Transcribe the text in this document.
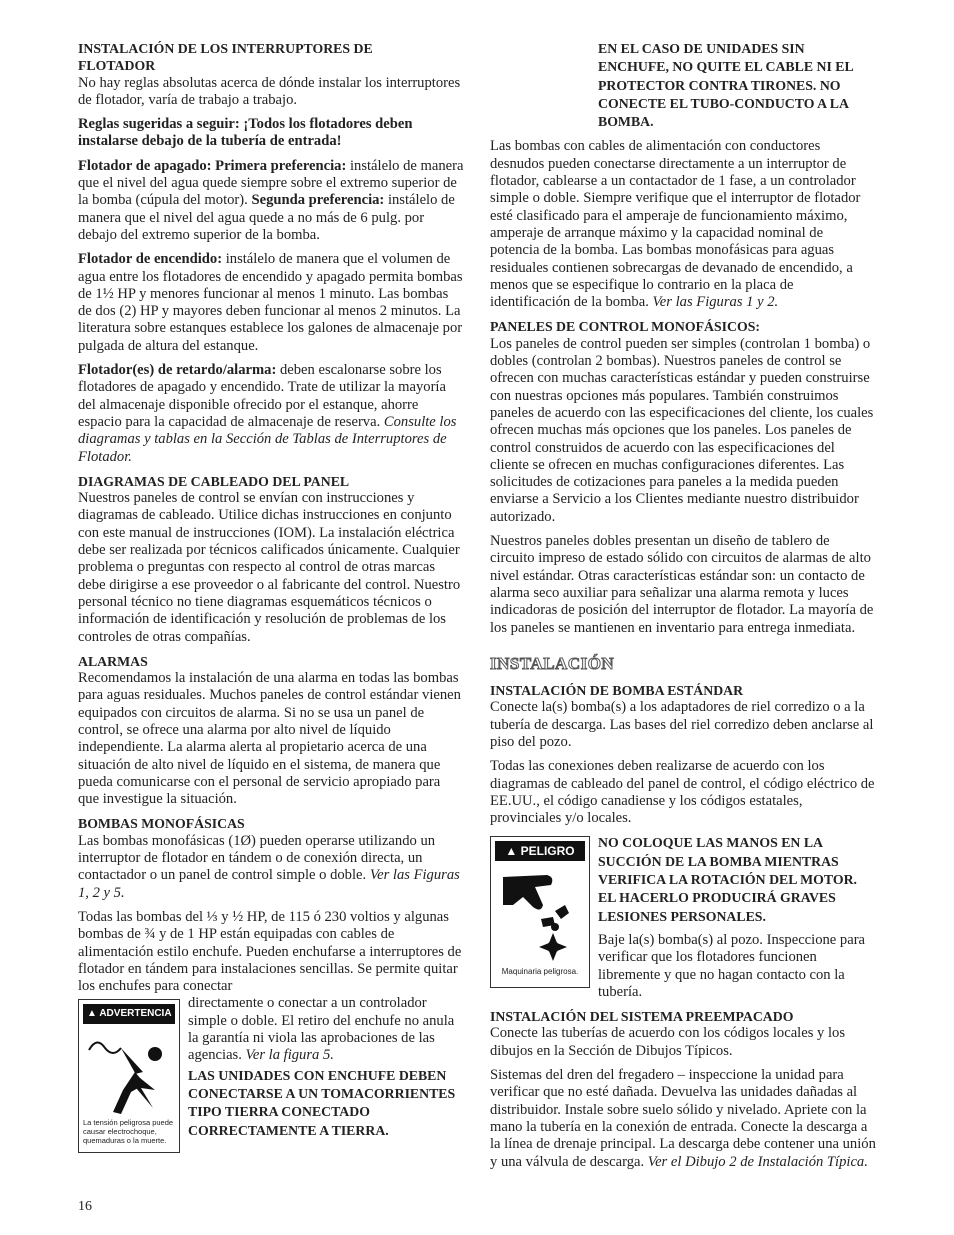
INSTALACIÓN DE LOS INTERRUPTORES DE FLOTADOR
No hay reglas absolutas acerca de dónde instalar los interruptores de flotador, varía de trabajo a trabajo.

Reglas sugeridas a seguir: ¡Todos los flotadores deben instalarse debajo de la tubería de entrada!

Flotador de apagado: Primera preferencia: instálelo de manera que el nivel del agua quede siempre sobre el extremo superior de la bomba (cúpula del motor). Segunda preferencia: instálelo de manera que el nivel del agua quede a no más de 6 pulg. por debajo del extremo superior de la bomba.

Flotador de encendido: instálelo de manera que el volumen de agua entre los flotadores de encendido y apagado permita bombas de 1½ HP y menores funcionar al menos 1 minuto. Las bombas de dos (2) HP y mayores deben funcionar al menos 2 minutos. La literatura sobre estanques establece los galones de almacenaje por pulgada de altura del estanque.

Flotador(es) de retardo/alarma: deben escalonarse sobre los flotadores de apagado y encendido. Trate de utilizar la mayoría del almacenaje disponible ofrecido por el estanque, ahorre espacio para la capacidad de almacenaje de reserva. Consulte los diagramas y tablas en la Sección de Tablas de Interruptores de Flotador.

DIAGRAMAS DE CABLEADO DEL PANEL
Nuestros paneles de control se envían con instrucciones y diagramas de cableado. Utilice dichas instrucciones en conjunto con este manual de instrucciones (IOM). La instalación eléctrica debe ser realizada por técnicos calificados únicamente. Cualquier problema o preguntas con respecto al control de otras marcas debe dirigirse a ese proveedor o al fabricante del control. Nuestro personal técnico no tiene diagramas esquemáticos técnicos o información de identificación y resolución de problemas de los controles de otras compañías.

ALARMAS
Recomendamos la instalación de una alarma en todas las bombas para aguas residuales. Muchos paneles de control estándar vienen equipados con circuitos de alarma. Si no se usa un panel de control, se ofrece una alarma por alto nivel de líquido independiente. La alarma alerta al propietario acerca de una situación de alto nivel de líquido en el sistema, de manera que pueda comunicarse con el personal de servicio apropiado para que investigue la situación.

BOMBAS MONOFÁSICAS
Las bombas monofásicas (1Ø) pueden operarse utilizando un interruptor de flotador en tándem o de conexión directa, un contactador o un panel de control simple o doble. Ver las Figuras 1, 2 y 5.

Todas las bombas del ⅓ y ½ HP, de 115 ó 230 voltios y algunas bombas de ¾ y de 1 HP están equipadas con cables de alimentación estilo enchufe. Pueden enchufarse a interruptores de flotador en tándem para instalaciones sencillas. Se permite quitar los enchufes para conectar

▲ ADVERTENCIA
La tensión peligrosa puede causar electrochoque, quemaduras o la muerte.

directamente o conectar a un controlador simple o doble. El retiro del enchufe no anula la garantía ni viola las aprobaciones de las agencias. Ver la figura 5.

LAS UNIDADES CON ENCHUFE DEBEN CONECTARSE A UN TOMACORRIENTES TIPO TIERRA CONECTADO CORRECTAMENTE A TIERRA.

16

EN EL CASO DE UNIDADES SIN ENCHUFE, NO QUITE EL CABLE NI EL PROTECTOR CONTRA TIRONES. NO CONECTE EL TUBO-CONDUCTO A LA BOMBA.

Las bombas con cables de alimentación con conductores desnudos pueden conectarse directamente a un interruptor de flotador, cablearse a un contactador de 1 fase, a un controlador simple o doble. Siempre verifique que el interruptor de flotador esté clasificado para el amperaje de funcionamiento máximo, amperaje de arranque máximo y la capacidad nominal de potencia de la bomba. Las bombas monofásicas para aguas residuales contienen sobrecargas de devanado de encendido, a menos que se especifique lo contrario en la placa de identificación de la bomba. Ver las Figuras 1 y 2.

PANELES DE CONTROL MONOFÁSICOS:
Los paneles de control pueden ser simples (controlan 1 bomba) o dobles (controlan 2 bombas). Nuestros paneles de control se ofrecen con muchas características estándar y pueden construirse con nuestras opciones más populares. También construimos paneles de acuerdo con las especificaciones del cliente, los cuales ofrecen muchas más opciones que los paneles. Los paneles de control construidos de acuerdo con las especificaciones del cliente se ofrecen en muchas configuraciones diferentes. Las solicitudes de cotizaciones para paneles a la medida pueden enviarse a Servicio a los Clientes mediante nuestro distribuidor autorizado.

Nuestros paneles dobles presentan un diseño de tablero de circuito impreso de estado sólido con circuitos de alarmas de alto nivel estándar. Otras características estándar son: un contacto de alarma seco auxiliar para señalizar una alarma remota y luces indicadoras de posición del interruptor de flotador. La mayoría de los paneles se mantienen en inventario para entrega inmediata.

INSTALACIÓN

INSTALACIÓN DE BOMBA ESTÁNDAR
Conecte la(s) bomba(s) a los adaptadores de riel corredizo o a la tubería de descarga. Las bases del riel corredizo deben anclarse al piso del pozo.

Todas las conexiones deben realizarse de acuerdo con los diagramas de cableado del panel de control, el código eléctrico de EE.UU., el código canadiense y los códigos estatales, provinciales y/o locales.

▲ PELIGRO
Maquinaria peligrosa.

NO COLOQUE LAS MANOS EN LA SUCCIÓN DE LA BOMBA MIENTRAS VERIFICA LA ROTACIÓN DEL MOTOR. EL HACERLO PRODUCIRÁ GRAVES LESIONES PERSONALES.

Baje la(s) bomba(s) al pozo. Inspeccione para verificar que los flotadores funcionen libremente y que no hagan contacto con la tubería.

INSTALACIÓN DEL SISTEMA PREEMPACADO
Conecte las tuberías de acuerdo con los códigos locales y los dibujos en la Sección de Dibujos Típicos.

Sistemas del dren del fregadero – inspeccione la unidad para verificar que no esté dañada. Devuelva las unidades dañadas al distribuidor. Instale sobre suelo sólido y nivelado. Apriete con la mano la tubería en la conexión de entrada. Conecte la descarga a la línea de drenaje principal. La descarga debe contener una unión y una válvula de descarga. Ver el Dibujo 2 de Instalación Típica.
